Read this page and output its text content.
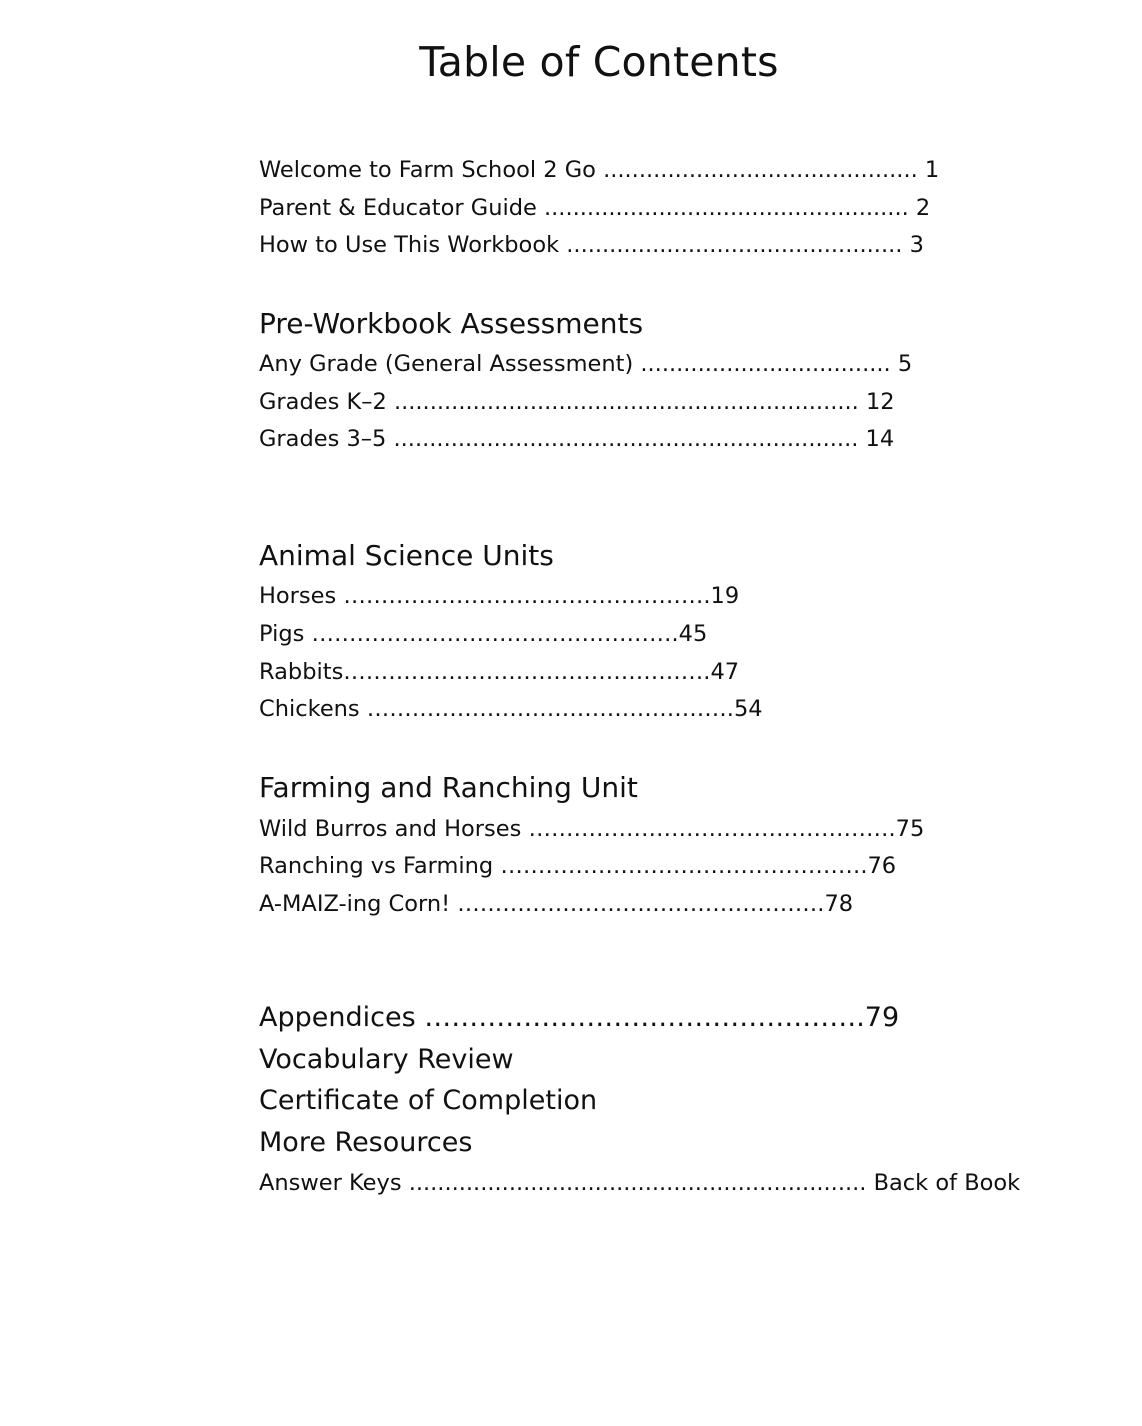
Table of Contents
Welcome to Farm School 2 Go ............................................ 1
Parent & Educator Guide ................................................... 2
How to Use This Workbook ............................................... 3
Pre-Workbook Assessments
Any Grade (General Assessment) ................................... 5
Grades K–2 ................................................................. 12
Grades 3–5 ................................................................. 14
Animal Science Units
Horses ………………………………………….19
Pigs ………………………………………….45
Rabbits………………………………………….47
Chickens ………………………………………….54
Farming and Ranching Unit
Wild Burros and Horses ………………………………………….75
Ranching vs Farming ………………………………………….76
A-MAIZ-ing Corn! ………………………………………….78
Appendices ………………………………………….79
Vocabulary Review
Certificate of Completion
More Resources
Answer Keys ................................................................ Back of Book
